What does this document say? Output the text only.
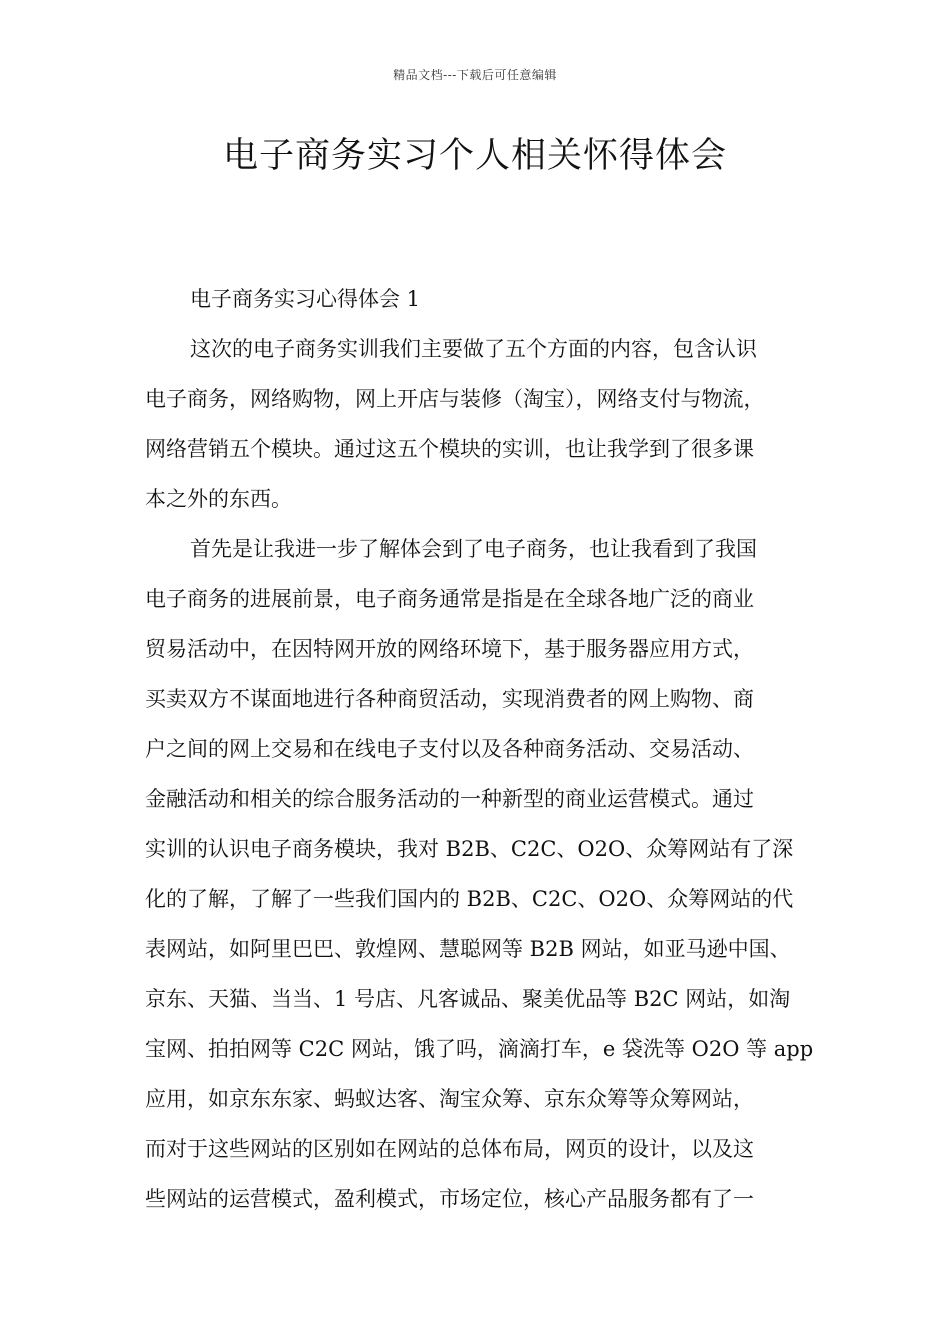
精品文档---下载后可任意编辑
电子商务实习个人相关怀得体会
电子商务实习心得体会 1
这次的电子商务实训我们主要做了五个方面的内容，包含认识
电子商务，网络购物，网上开店与装修（淘宝），网络支付与物流，
网络营销五个模块。通过这五个模块的实训，也让我学到了很多课
本之外的东西。
首先是让我进一步了解体会到了电子商务，也让我看到了我国
电子商务的进展前景，电子商务通常是指是在全球各地广泛的商业
贸易活动中，在因特网开放的网络环境下，基于服务器应用方式，
买卖双方不谋面地进行各种商贸活动，实现消费者的网上购物、商
户之间的网上交易和在线电子支付以及各种商务活动、交易活动、
金融活动和相关的综合服务活动的一种新型的商业运营模式。通过
实训的认识电子商务模块，我对 B2B、C2C、O2O、众筹网站有了深
化的了解，了解了一些我们国内的 B2B、C2C、O2O、众筹网站的代
表网站，如阿里巴巴、敦煌网、慧聪网等 B2B 网站，如亚马逊中国、
京东、天猫、当当、1 号店、凡客诚品、聚美优品等 B2C 网站，如淘
宝网、拍拍网等 C2C 网站，饿了吗，滴滴打车，e 袋洗等 O2O 等 app
应用，如京东东家、蚂蚁达客、淘宝众筹、京东众筹等众筹网站，
而对于这些网站的区别如在网站的总体布局，网页的设计，以及这
些网站的运营模式，盈利模式，市场定位，核心产品服务都有了一
